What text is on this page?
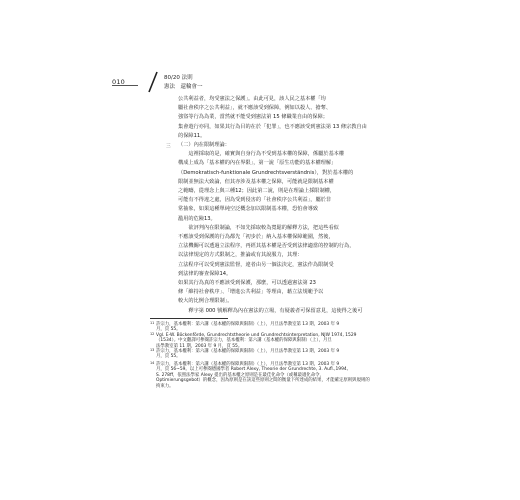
010	80/20 法則
憲法　還輪會一
三
公共利益者，均受憲法之保護」。由此可見，該人民之基本權「均
屬社會秩序之公共利益」，就不應該受到保障，例如以殺人、搶奪、
強盜等行為為業，當然就不能受到憲法第 15 條職業自由的保障；
集會遊行亦同，如果其行為目的在於「犯罪」，也不應該受到憲法第 13 條宗教自由
的保障11。
（二）內在限制理論：
　　這裡採取的是，確實與自身行為不受到基本權的保障，係屬於基本權
構成上成為「基本權的內在界限」，第一說「原生功能的基本權理解」
（Demokratisch-funktionale Grundrechtsverständnis），對於基本權的
限制並無法大致論，但其亦涉及基本權之保障，可能就是限制基本權
之範疇，從理念上與三種12；因此第二說，則是在理論上採限制權，
可能有不得違之處，因為受到侵害的「社會秩序公共利益」，屬於非
常抽象，如果這種單純空泛概念加以限制基本權，恐怕會導致
濫用的危險13。
　　欲評判內在限制論，不如先採取較為寬鬆的解釋方法，把這些看似
不應該受到保護的行為都先「初步於」納入基本權保障範圍，然後，
立法機關可以透過立法程序，再經其基本權是否受到法律適當的控制的行為，
以法律規定的方式限制之，推論或有其說服力，其理：
立法程序可以受到憲法監督，違者由另一個法決定，憲法作為限制受
到法律的審查保障14。
如果其行為真的不應該受到保護，那麼，可以透過憲法第 23
條「維持社會秩序」、「增進公共利益」等理由，藉立法規範予以
較大的比例合理限制」。
　　釋字第 000 號解釋為內在憲法的立場，有疑義者可保留意見，這使得之後可
11 許宗力，基本權利：第六講（基本權的保障與限制）（上），月旦法學教室第 13 期，2003 年 9
月，頁 55。
12 Vgl. E-W. Böckenförde, Grundrechtstheorie und Grundrechtsinterpretation, NJW 1974, 1529
（1534）。中文翻譯可參閱許宗力，基本權利：第六講（基本權的保障與限制）（上），月旦
法學教室第 11 期，2003 年 9 月，頁 55。
13 許宗力，基本權利：第六講（基本權的保障與限制）（上），月旦法學教室第 13 期，2003 年 9
月，頁 55。
14 許宗力，基本權利：第六講（基本權的保障與限制）（上），月旦法學教室第 13 期，2003 年 9
月，頁 56~59。以上可參閱德國學者 Robert Alexy, Theorie der Grundrechte, 3. Aufl.,1994,
S. 278ff，依照法學家 Alexy 提出的基本權之原則是在最佳化命令（或稱最適化命令，
Optimierungsgebot）的概念，因為原則是在該這些原則之間的衡量下所達成的結果，才能確定原則與規則的
拘束力。
